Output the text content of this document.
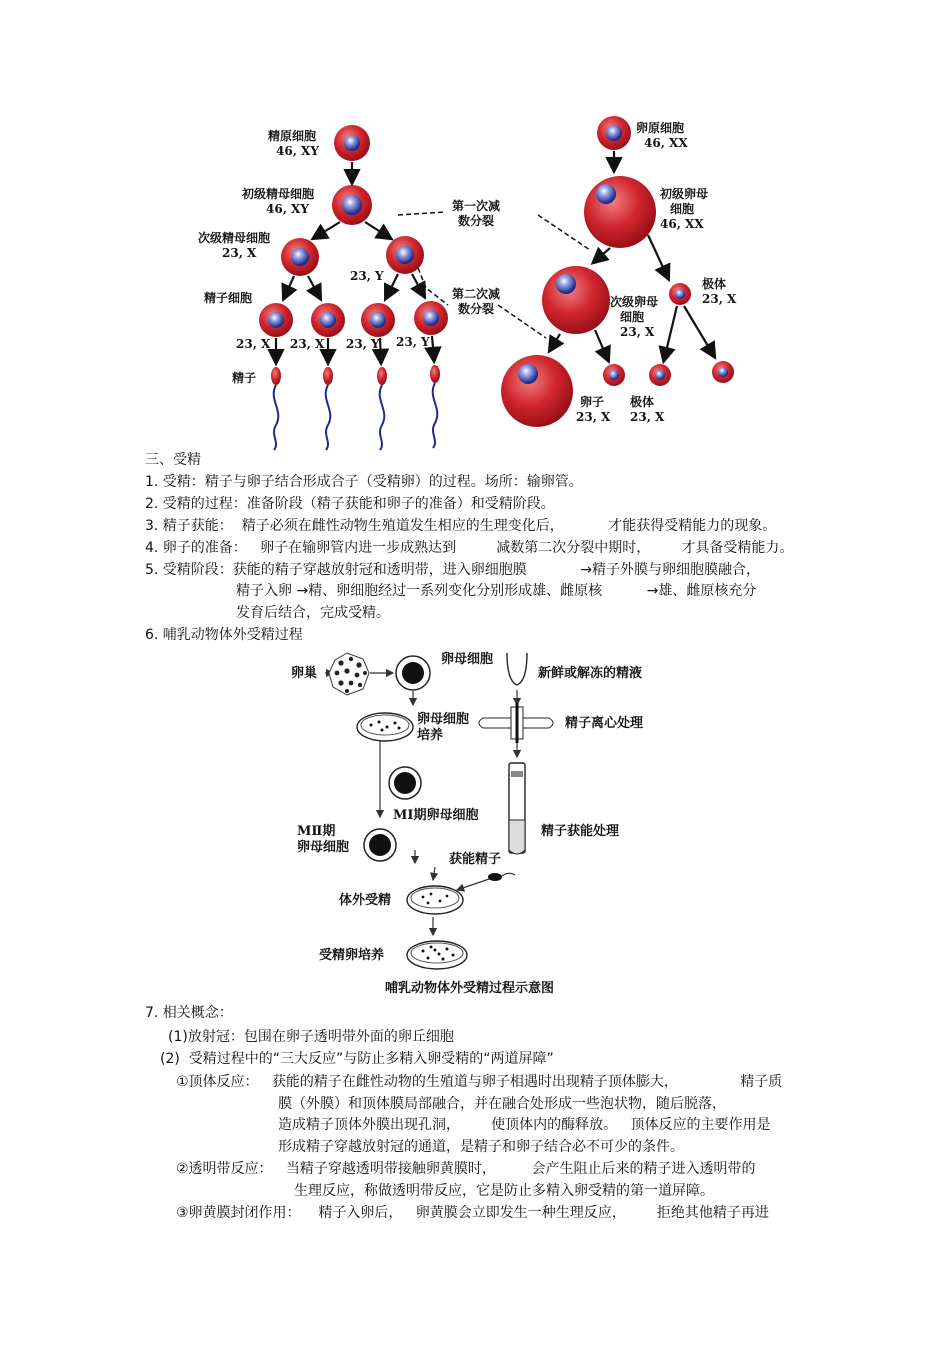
精原细胞
46, XY
初级精母细胞
46, XY
次级精母细胞
23, X
23, Y
精子细胞
23, X 23, X 23, Y 23, Y
精子
第一次减
数分裂
第二次减
数分裂
卵原细胞
46, XX
初级卵母
细胞
46, XX
极体
23, X
次级卵母
细胞
23, X
卵子
23, X
极体
23, X
三、受精
1. 受精：精子与卵子结合形成合子（受精卵）的过程。场所：输卵管。
2. 受精的过程：准备阶段（精子获能和卵子的准备）和受精阶段。
3. 精子获能：  精子必须在雌性动物生殖道发生相应的生理变化后，          才能获得受精能力的现象。
4. 卵子的准备：   卵子在输卵管内进一步成熟达到         减数第二次分裂中期时，       才具备受精能力。
5. 受精阶段：获能的精子穿越放射冠和透明带，进入卵细胞膜            →精子外膜与卵细胞膜融合，
精子入卵 →精、卵细胞经过一系列变化分别形成雄、雌原核          →雄、雌原核充分
发育后结合，完成受精。
6. 哺乳动物体外受精过程
卵巢
卵母细胞
新鲜或解冻的精液
卵母细胞
培养
精子离心处理
MⅠ期卵母细胞
MⅡ期
卵母细胞
精子获能处理
获能精子
体外受精
受精卵培养
哺乳动物体外受精过程示意图
7. 相关概念：
(1)放射冠：包围在卵子透明带外面的卵丘细胞
(2)  受精过程中的“三大反应”与防止多精入卵受精的“两道屏障”
①顶体反应：   获能的精子在雌性动物的生殖道与卵子相遇时出现精子顶体膨大，              精子质
膜（外膜）和顶体膜局部融合，并在融合处形成一些泡状物，随后脱落，
造成精子顶体外膜出现孔洞，       使顶体内的酶释放。   顶体反应的主要作用是
形成精子穿越放射冠的通道，是精子和卵子结合必不可少的条件。
②透明带反应：   当精子穿越透明带接触卵黄膜时，        会产生阻止后来的精子进入透明带的
生理反应，称做透明带反应，它是防止多精入卵受精的第一道屏障。
③卵黄膜封闭作用：    精子入卵后，   卵黄膜会立即发生一种生理反应，       拒绝其他精子再进
